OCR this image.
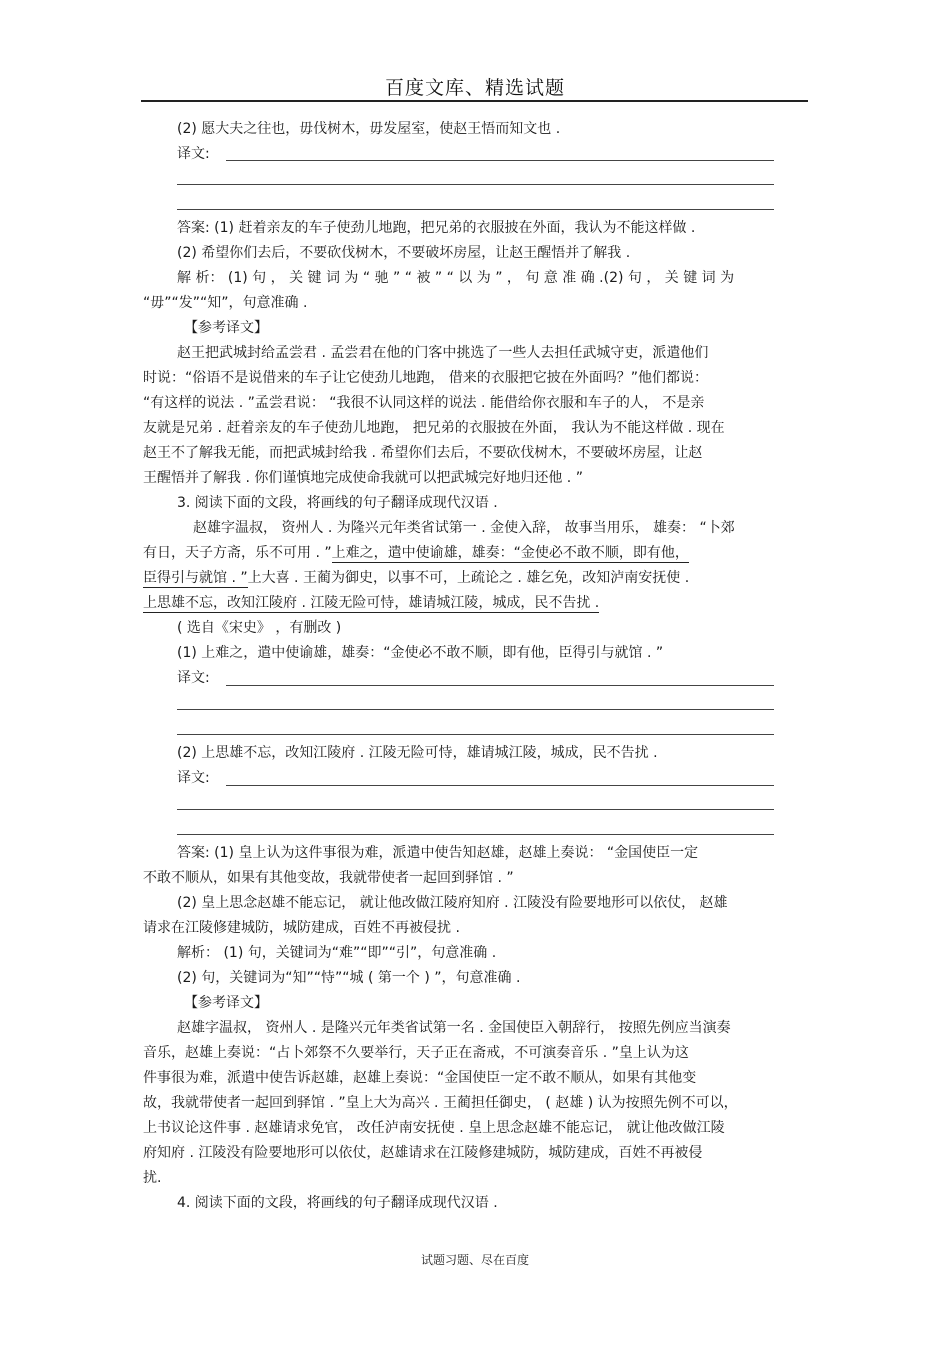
百度文库、精选试题
(2) 愿大夫之往也，毋伐树木，毋发屋室，使赵王悟而知文也 .
译文:
答案: (1) 赶着亲友的车子使劲儿地跑，把兄弟的衣服披在外面，我认为不能这样做 .
(2) 希望你们去后，不要砍伐树木，不要破坏房屋，让赵王醒悟并了解我 .
解 析： (1) 句 ， 关 键 词 为 “ 驰 ” “ 被 ” “ 以 为 ” ， 句 意 准 确 .(2) 句 ， 关 键 词 为
“毋”“发”“知”，句意准确 .
【参考译文】
赵王把武城封给孟尝君 . 孟尝君在他的门客中挑选了一些人去担任武城守吏，派遣他们
时说：“俗语不是说借来的车子让它使劲儿地跑， 借来的衣服把它披在外面吗？”他们都说：
“有这样的说法 . ”孟尝君说： “我很不认同这样的说法 . 能借给你衣服和车子的人， 不是亲
友就是兄弟 . 赶着亲友的车子使劲儿地跑， 把兄弟的衣服披在外面， 我认为不能这样做 . 现在
赵王不了解我无能，而把武城封给我 . 希望你们去后，不要砍伐树木，不要破坏房屋，让赵
王醒悟并了解我 . 你们谨慎地完成使命我就可以把武城完好地归还他 . ”
3. 阅读下面的文段，将画线的句子翻译成现代汉语 .
赵雄字温叔， 资州人 . 为隆兴元年类省试第一 . 金使入辞， 故事当用乐， 雄奏： “卜郊
有日，天子方斋，乐不可用 . ”上难之，遣中使谕雄，雄奏：“金使必不敢不顺，即有他，
臣得引与就馆 . ”上大喜 . 王蔺为御史，以事不可，上疏论之 . 雄乞免，改知泸南安抚使 .
上思雄不忘，改知江陵府 . 江陵无险可恃，雄请城江陵，城成，民不告扰 .
( 选自《宋史》 ，有删改 )
(1) 上难之，遣中使谕雄，雄奏：“金使必不敢不顺，即有他，臣得引与就馆 . ”
译文:
(2) 上思雄不忘，改知江陵府 . 江陵无险可恃，雄请城江陵，城成，民不告扰 .
译文:
答案: (1) 皇上认为这件事很为难，派遣中使告知赵雄，赵雄上奏说： “金国使臣一定
不敢不顺从，如果有其他变故，我就带使者一起回到驿馆 . ”
(2) 皇上思念赵雄不能忘记， 就让他改做江陵府知府 . 江陵没有险要地形可以依仗， 赵雄
请求在江陵修建城防，城防建成，百姓不再被侵扰 .
解析： (1) 句，关键词为“难”“即”“引”，句意准确 .
(2) 句，关键词为“知”“恃”“城 ( 第一个 ) ”，句意准确 .
【参考译文】
赵雄字温叔， 资州人 . 是隆兴元年类省试第一名 . 金国使臣入朝辞行， 按照先例应当演奏
音乐，赵雄上奏说：“占卜郊祭不久要举行，天子正在斋戒，不可演奏音乐 . ”皇上认为这
件事很为难，派遣中使告诉赵雄，赵雄上奏说：“金国使臣一定不敢不顺从，如果有其他变
故，我就带使者一起回到驿馆 . ”皇上大为高兴 . 王蔺担任御史， ( 赵雄 ) 认为按照先例不可以，
上书议论这件事 . 赵雄请求免官， 改任泸南安抚使 . 皇上思念赵雄不能忘记， 就让他改做江陵
府知府 . 江陵没有险要地形可以依仗，赵雄请求在江陵修建城防，城防建成，百姓不再被侵
扰.
4. 阅读下面的文段，将画线的句子翻译成现代汉语 .
试题习题、尽在百度
